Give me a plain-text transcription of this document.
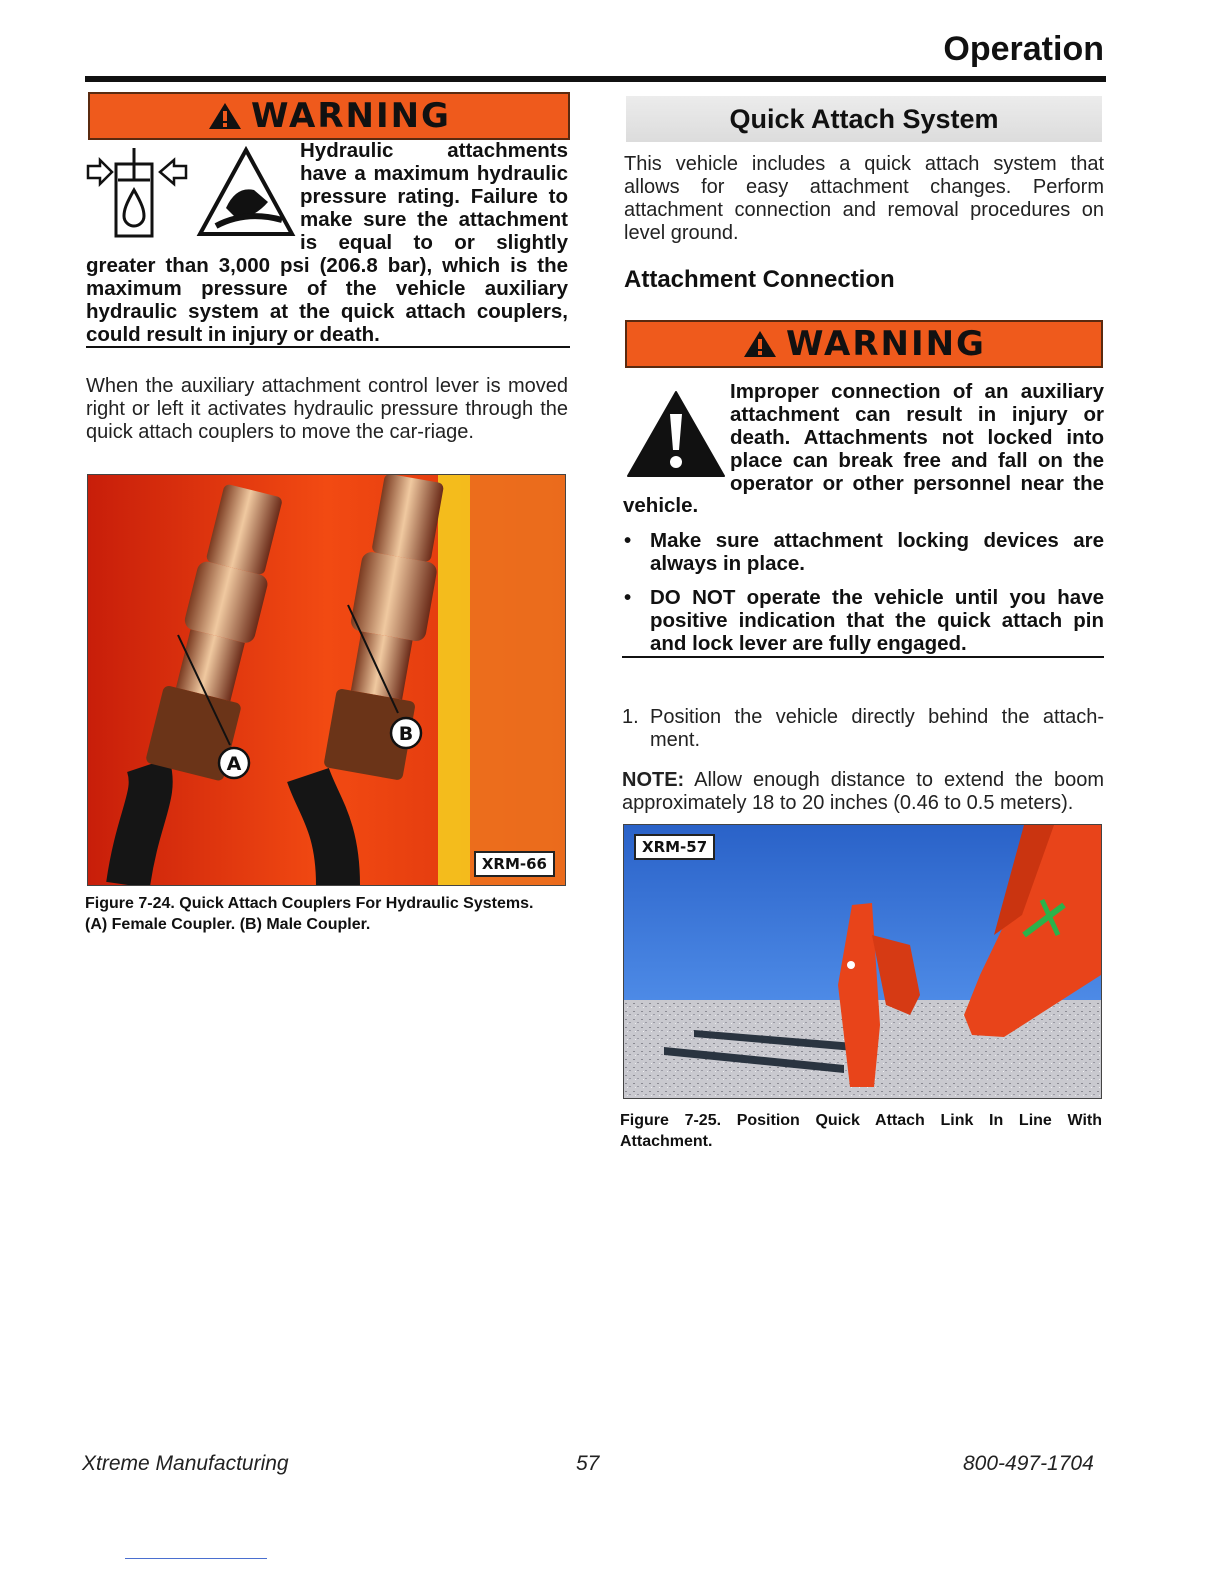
Operation
WARNING
Hydraulic attachments
have a maximum hydraulic
pressure rating. Failure to
make sure the attachment
is equal to or slightly
greater than 3,000 psi (206.8 bar), which is the
maximum pressure of the vehicle auxiliary
hydraulic system at the quick attach couplers,
could result in injury or death.
When the auxiliary attachment control lever is moved right or left it activates hydraulic pressure through the quick attach couplers to move the car-riage.
A
B
XRM-66
Figure 7-24. Quick Attach Couplers For Hydraulic Systems.
(A) Female Coupler. (B) Male Coupler.
Quick Attach System
This vehicle includes a quick attach system that allows for easy attachment changes. Perform attachment connection and removal procedures on level ground.
Attachment Connection
WARNING
Improper connection of an auxiliary
attachment can result in injury or
death. Attachments not locked into
place can break free and fall on the
operator or other personnel near the
vehicle.
• Make sure attachment locking devices are always in place.
• DO NOT operate the vehicle until you have positive indication that the quick attach pin and lock lever are fully engaged.
1. Position the vehicle directly behind the attach-ment.
NOTE: Allow enough distance to extend the boom approximately 18 to 20 inches (0.46 to 0.5 meters).
XRM-57
Figure 7-25. Position Quick Attach Link In Line With
Attachment.
Xtreme Manufacturing	57	800-497-1704
